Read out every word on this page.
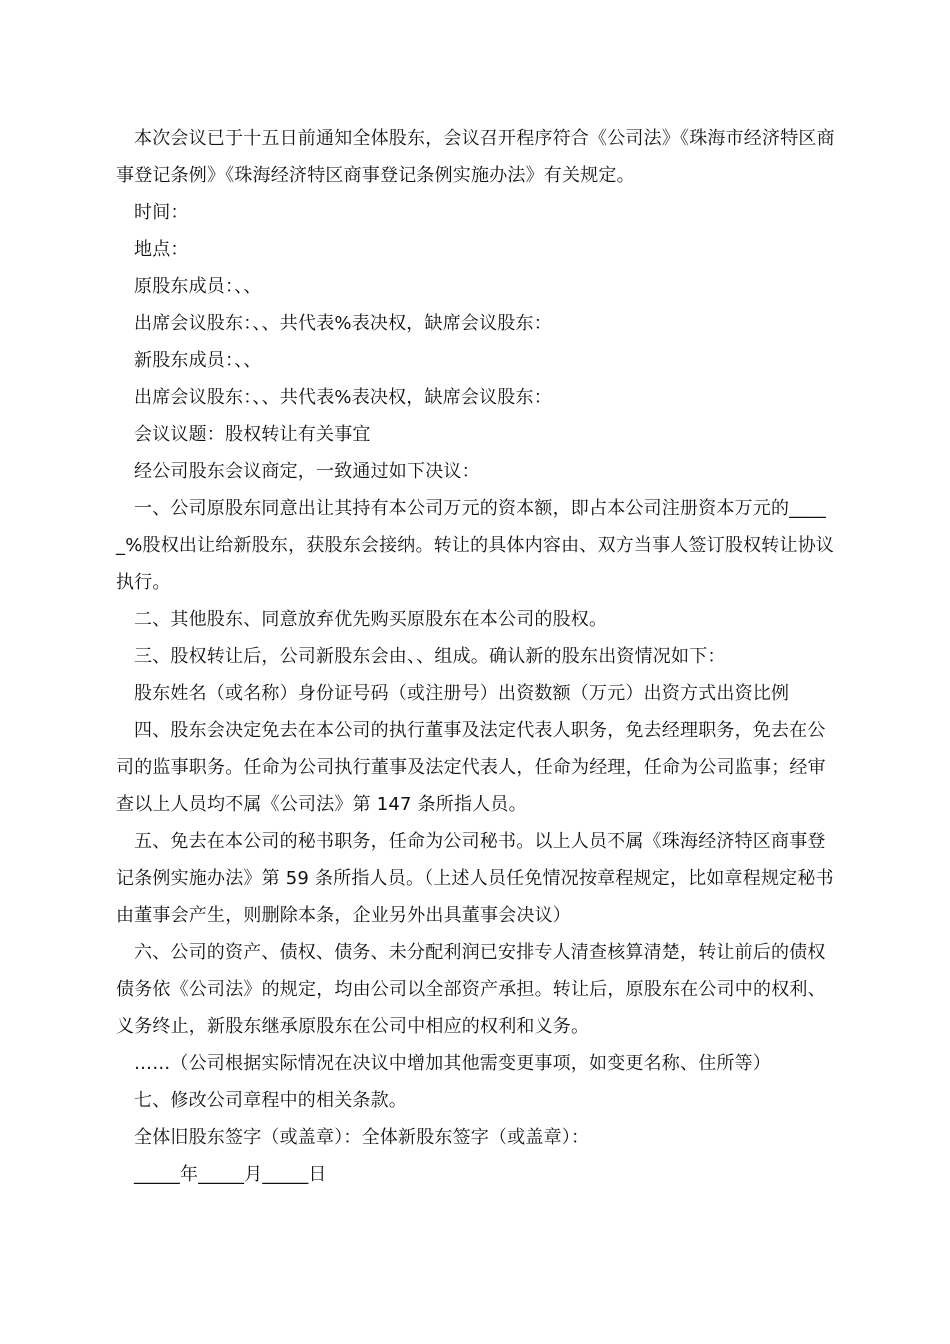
本次会议已于十五日前通知全体股东，会议召开程序符合《公司法》《珠海市经济特区商事登记条例》《珠海经济特区商事登记条例实施办法》有关规定。

时间：

地点：

原股东成员：、、

出席会议股东：、、共代表%表决权，缺席会议股东：

新股东成员：、、

出席会议股东：、、共代表%表决权，缺席会议股东：

会议议题：股权转让有关事宜

经公司股东会议商定，一致通过如下决议：

一、公司原股东同意出让其持有本公司万元的资本额，即占本公司注册资本万元的_____%股权出让给新股东，获股东会接纳。转让的具体内容由、双方当事人签订股权转让协议执行。

二、其他股东、同意放弃优先购买原股东在本公司的股权。

三、股权转让后，公司新股东会由、、组成。确认新的股东出资情况如下：

股东姓名（或名称）身份证号码（或注册号）出资数额（万元）出资方式出资比例

四、股东会决定免去在本公司的执行董事及法定代表人职务，免去经理职务，免去在公司的监事职务。任命为公司执行董事及法定代表人，任命为经理，任命为公司监事；经审查以上人员均不属《公司法》第 147 条所指人员。

五、免去在本公司的秘书职务，任命为公司秘书。以上人员不属《珠海经济特区商事登记条例实施办法》第 59 条所指人员。（上述人员任免情况按章程规定，比如章程规定秘书由董事会产生，则删除本条，企业另外出具董事会决议）

六、公司的资产、债权、债务、未分配利润已安排专人清查核算清楚，转让前后的债权债务依《公司法》的规定，均由公司以全部资产承担。转让后，原股东在公司中的权利、义务终止，新股东继承原股东在公司中相应的权利和义务。

……（公司根据实际情况在决议中增加其他需变更事项，如变更名称、住所等）

七、修改公司章程中的相关条款。

全体旧股东签字（或盖章）：全体新股东签字（或盖章）：

_____年_____月_____日
